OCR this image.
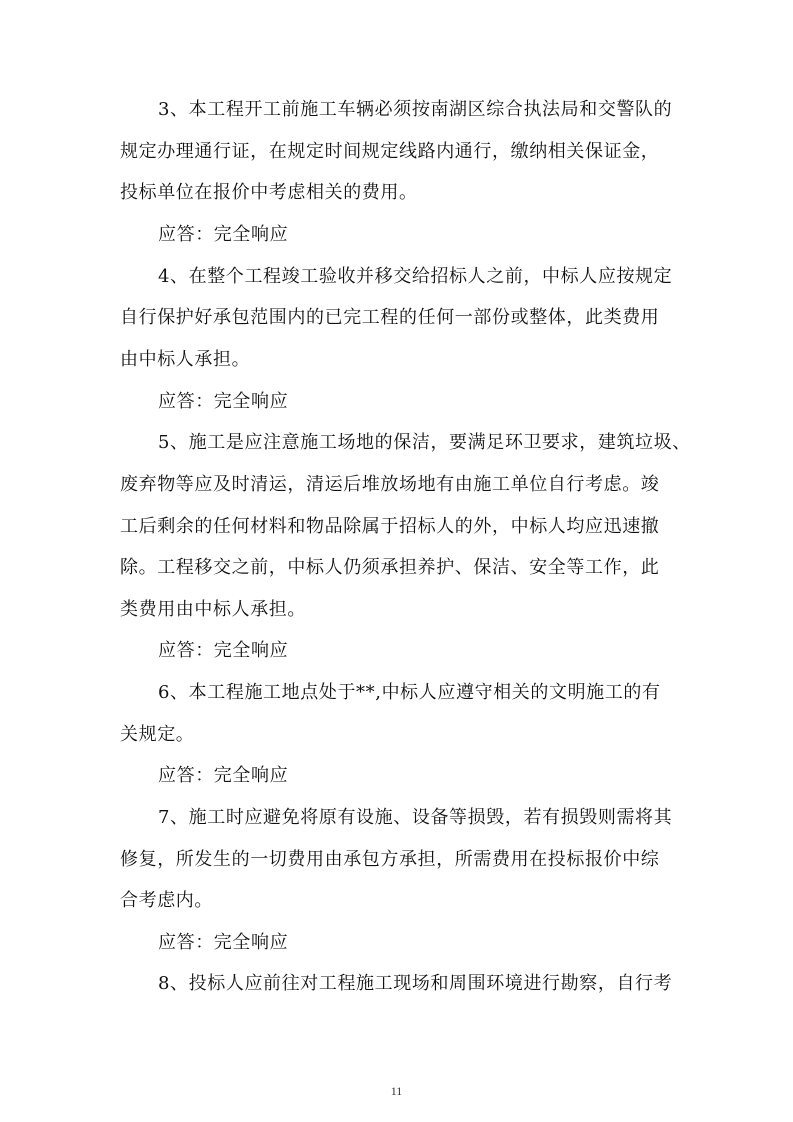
3、本工程开工前施工车辆必须按南湖区综合执法局和交警队的
规定办理通行证，在规定时间规定线路内通行，缴纳相关保证金，
投标单位在报价中考虑相关的费用。
应答：完全响应
4、在整个工程竣工验收并移交给招标人之前，中标人应按规定
自行保护好承包范围内的已完工程的任何一部份或整体，此类费用
由中标人承担。
应答：完全响应
5、施工是应注意施工场地的保洁，要满足环卫要求，建筑垃圾、
废弃物等应及时清运，清运后堆放场地有由施工单位自行考虑。竣
工后剩余的任何材料和物品除属于招标人的外，中标人均应迅速撤
除。工程移交之前，中标人仍须承担养护、保洁、安全等工作，此
类费用由中标人承担。
应答：完全响应
6、本工程施工地点处于**,中标人应遵守相关的文明施工的有
关规定。
应答：完全响应
7、施工时应避免将原有设施、设备等损毁，若有损毁则需将其
修复，所发生的一切费用由承包方承担，所需费用在投标报价中综
合考虑内。
应答：完全响应
8、投标人应前往对工程施工现场和周围环境进行勘察，自行考
11
